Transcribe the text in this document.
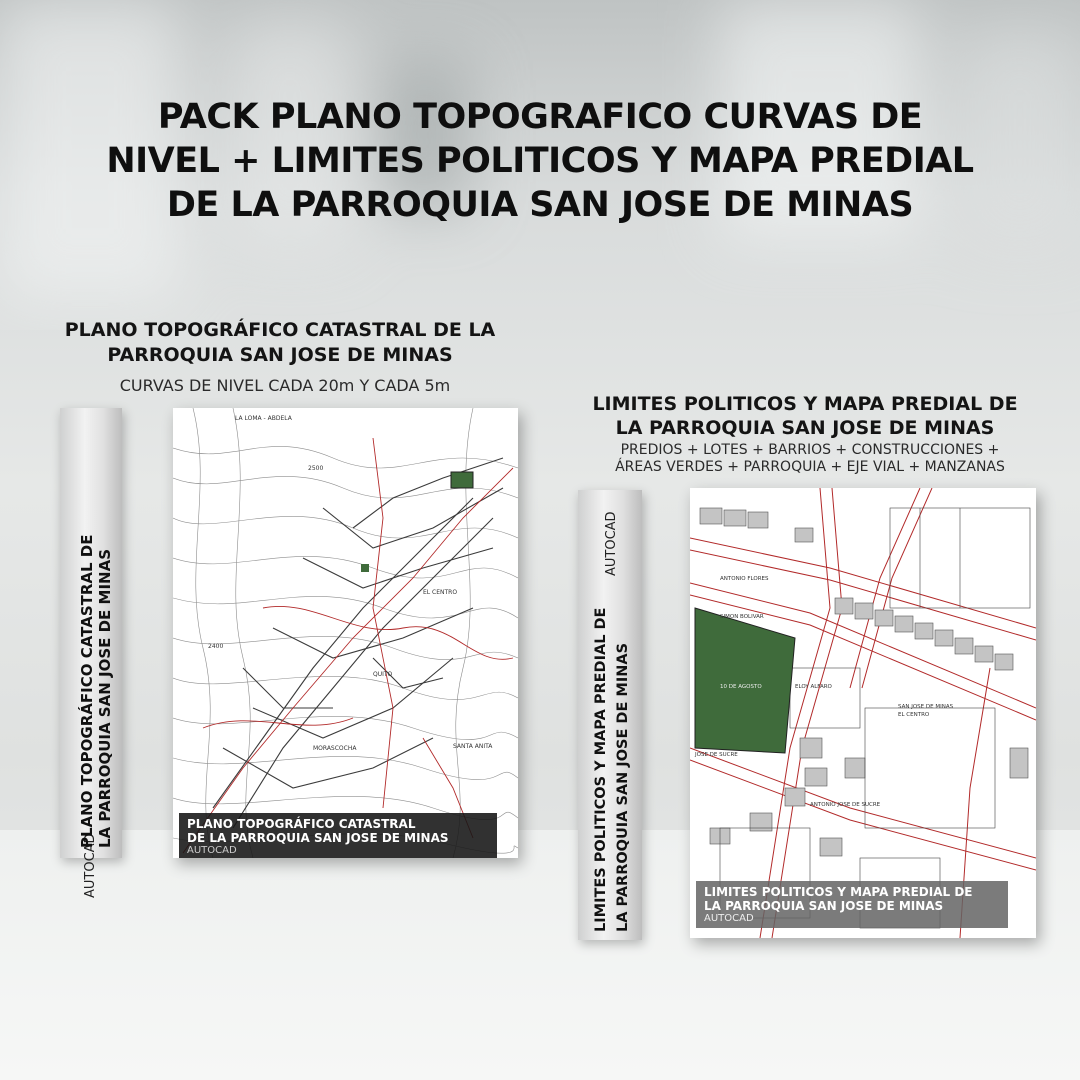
PACK PLANO TOPOGRAFICO CURVAS DE
NIVEL + LIMITES POLITICOS Y MAPA PREDIAL
DE LA PARROQUIA SAN JOSE DE MINAS
PLANO TOPOGRÁFICO CATASTRAL DE LA
PARROQUIA SAN JOSE DE MINAS
CURVAS DE NIVEL CADA 20m Y CADA 5m
AUTOCAD
PLANO TOPOGRÁFICO CATASTRAL DE LA PARROQUIA SAN JOSE DE MINAS
LA LOMA - ABDELA
EL CENTRO
MORASCOCHA	SANTA ANITA
QUITO
2500
2400
PLANO TOPOGRÁFICO CATASTRAL
DE LA PARROQUIA SAN JOSE DE MINAS
AUTOCAD
LIMITES POLITICOS Y MAPA PREDIAL DE
LA PARROQUIA SAN JOSE DE MINAS
PREDIOS + LOTES + BARRIOS + CONSTRUCCIONES +
ÁREAS VERDES + PARROQUIA + EJE VIAL + MANZANAS
AUTOCAD
LIMITES POLITICOS Y MAPA PREDIAL DE LA PARROQUIA SAN JOSE DE MINAS
ANTONIO FLORES
SIMON BOLIVAR
SAN JOSE DE MINAS
EL CENTRO
ANTONIO JOSE DE SUCRE
JOSE DE SUCRE
ELOY ALFARO
10 DE AGOSTO
LIMITES POLITICOS Y MAPA PREDIAL DE
LA PARROQUIA SAN JOSE DE MINAS
AUTOCAD
